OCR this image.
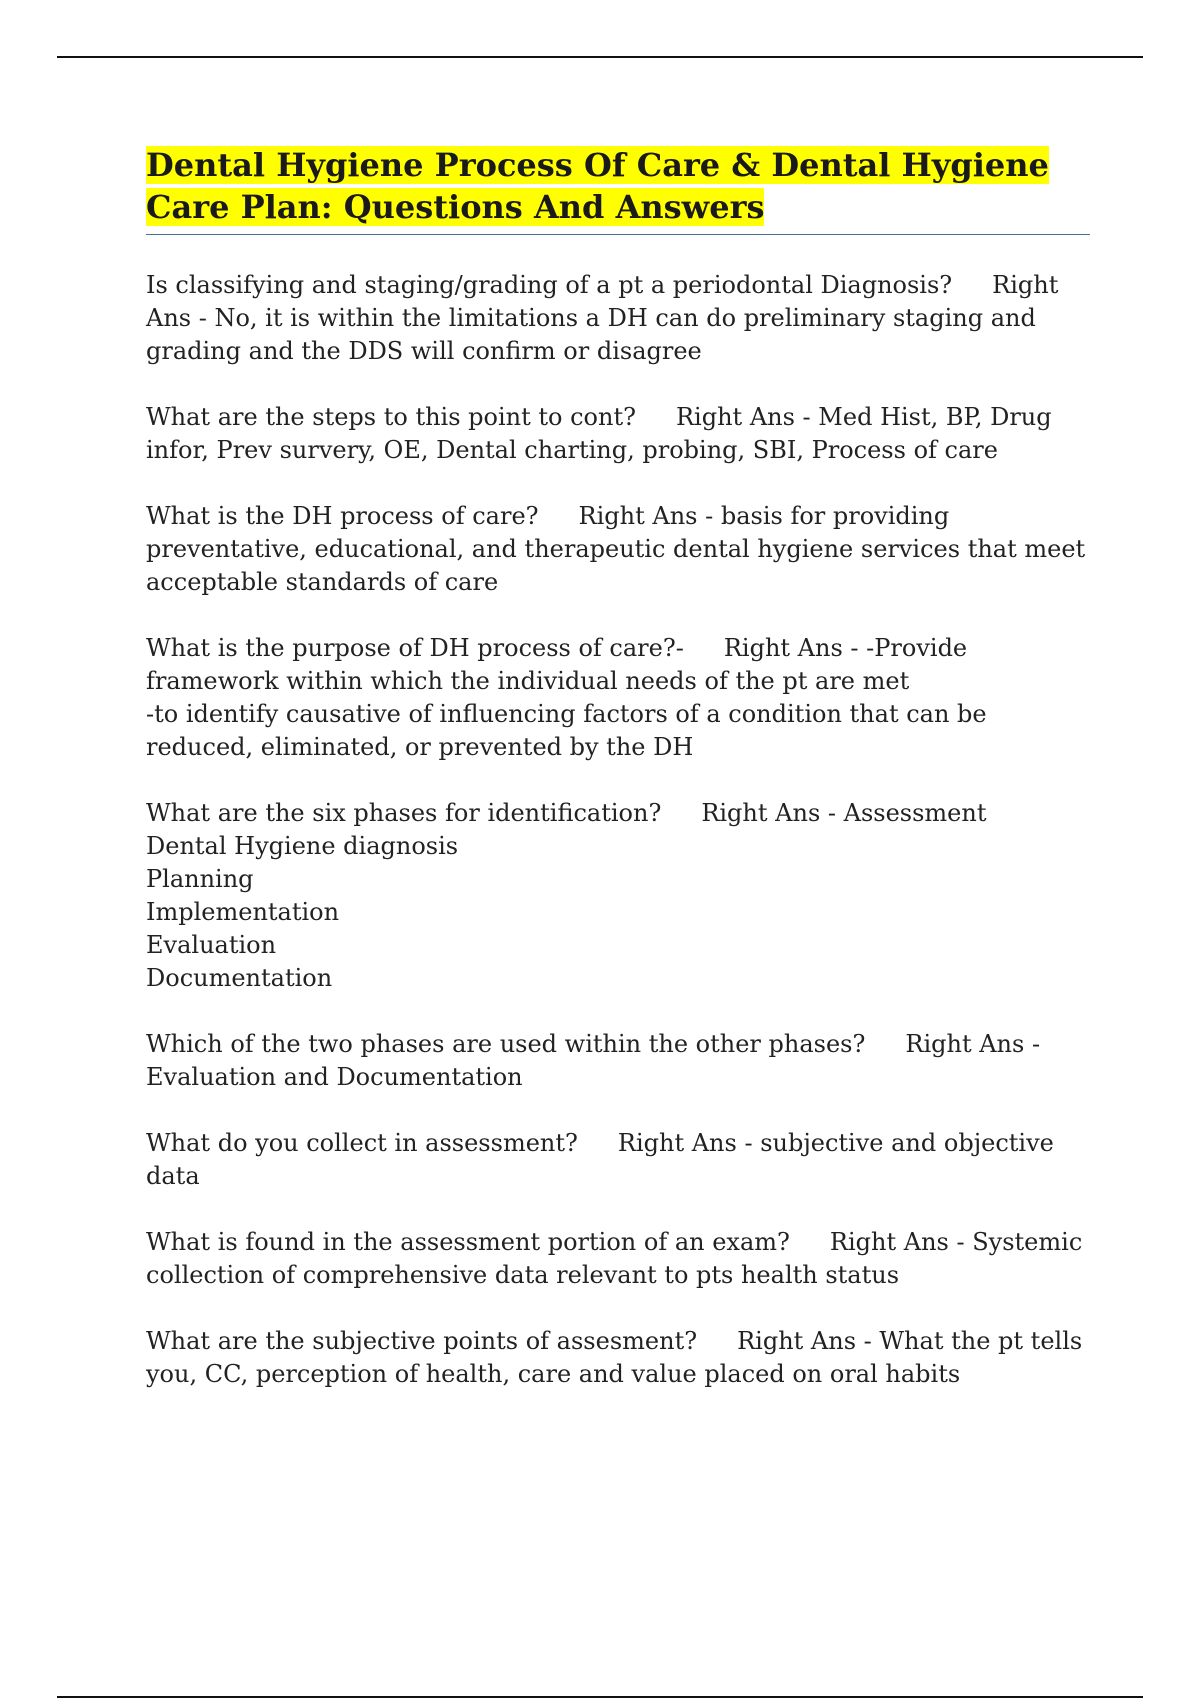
Dental Hygiene Process Of Care & Dental Hygiene Care Plan: Questions And Answers
Is classifying and staging/grading of a pt a periodontal Diagnosis? Right Ans - No, it is within the limitations a DH can do preliminary staging and grading and the DDS will confirm or disagree
What are the steps to this point to cont? Right Ans - Med Hist, BP, Drug infor, Prev survery, OE, Dental charting, probing, SBI, Process of care
What is the DH process of care? Right Ans - basis for providing preventative, educational, and therapeutic dental hygiene services that meet acceptable standards of care
What is the purpose of DH process of care?- Right Ans - -Provide framework within which the individual needs of the pt are met
-to identify causative of influencing factors of a condition that can be reduced, eliminated, or prevented by the DH
What are the six phases for identification? Right Ans - Assessment
Dental Hygiene diagnosis
Planning
Implementation
Evaluation
Documentation
Which of the two phases are used within the other phases? Right Ans - Evaluation and Documentation
What do you collect in assessment? Right Ans - subjective and objective data
What is found in the assessment portion of an exam? Right Ans - Systemic collection of comprehensive data relevant to pts health status
What are the subjective points of assesment? Right Ans - What the pt tells you, CC, perception of health, care and value placed on oral habits
